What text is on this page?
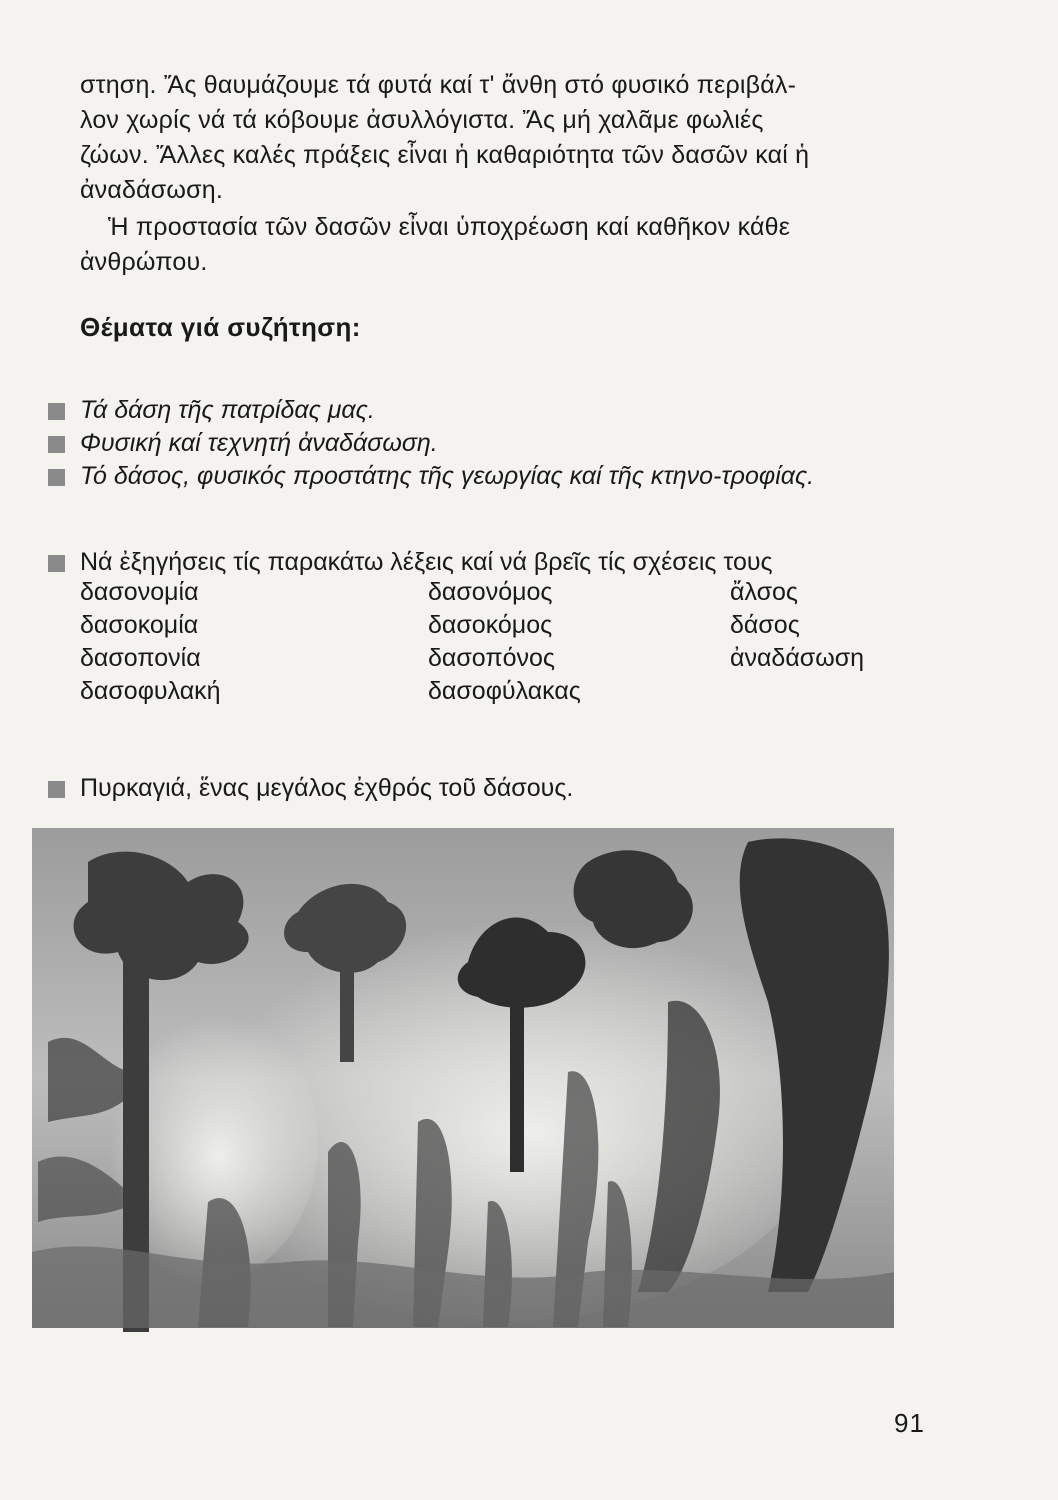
στηση. Ἄς θαυμάζουμε τά φυτά καί τ' ἄνθη στό φυσικό περιβάλ-
λον χωρίς νά τά κόβουμε ἀσυλλόγιστα. Ἄς μή χαλᾶμε φωλιές
ζώων. Ἄλλες καλές πράξεις εἶναι ἡ καθαριότητα τῶν δασῶν καί ἡ
ἀναδάσωση.
Ἡ προστασία τῶν δασῶν εἶναι ὑποχρέωση καί καθῆκον κάθε
ἀνθρώπου.
Θέματα γιά συζήτηση:
Τά δάση τῆς πατρίδας μας.
Φυσική καί τεχνητή ἀναδάσωση.
Τό δάσος, φυσικός προστάτης τῆς γεωργίας καί τῆς κτηνο-τροφίας.
Νά ἐξηγήσεις τίς παρακάτω λέξεις καί νά βρεῖς τίς σχέσεις τους
δασονομία
δασοκομία
δασοπονία
δασοφυλακή
δασονόμος
δασοκόμος
δασοπόνος
δασοφύλακας
ἄλσος
δάσος
ἀναδάσωση
Πυρκαγιά, ἕνας μεγάλος ἐχθρός τοῦ δάσους.
91
